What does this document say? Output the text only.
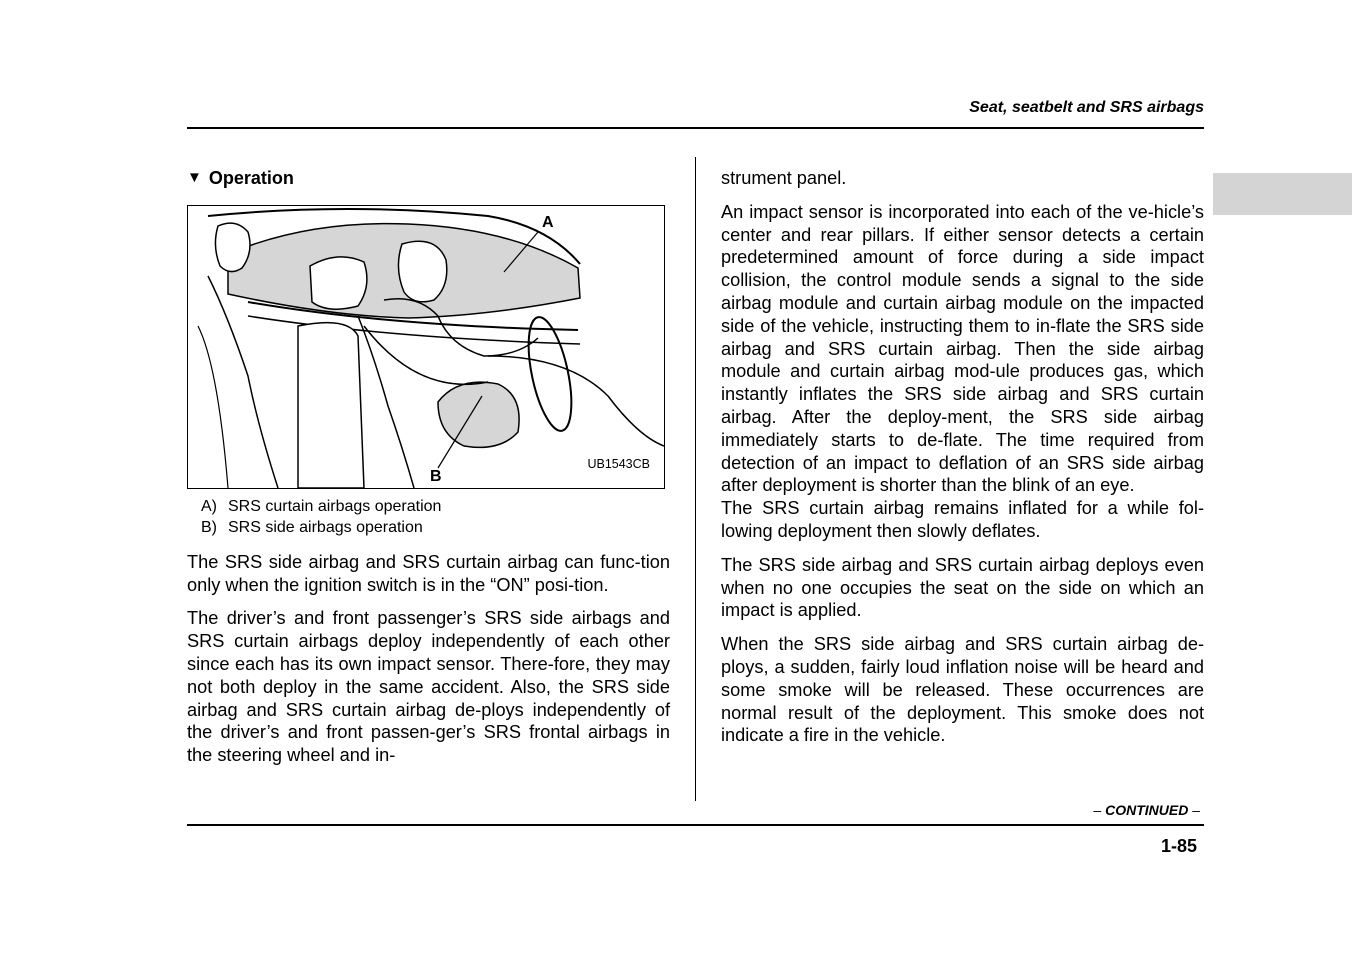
Seat, seatbelt and SRS airbags
▼ Operation
A
B
UB1543CB
A) SRS curtain airbags operation
B) SRS side airbags operation

The SRS side airbag and SRS curtain airbag can func-tion only when the ignition switch is in the “ON” posi-tion.

The driver’s and front passenger’s SRS side airbags and SRS curtain airbags deploy independently of each other since each has its own impact sensor. There-fore, they may not both deploy in the same accident. Also, the SRS side airbag and SRS curtain airbag de-ploys independently of the driver’s and front passen-ger’s SRS frontal airbags in the steering wheel and in-

strument panel.

An impact sensor is incorporated into each of the ve-hicle’s center and rear pillars. If either sensor detects a certain predetermined amount of force during a side impact collision, the control module sends a signal to the side airbag module and curtain airbag module on the impacted side of the vehicle, instructing them to in-flate the SRS side airbag and SRS curtain airbag. Then the side airbag module and curtain airbag mod-ule produces gas, which instantly inflates the SRS side airbag and SRS curtain airbag. After the deploy-ment, the SRS side airbag immediately starts to de-flate. The time required from detection of an impact to deflation of an SRS side airbag after deployment is shorter than the blink of an eye.

The SRS curtain airbag remains inflated for a while fol-lowing deployment then slowly deflates.

The SRS side airbag and SRS curtain airbag deploys even when no one occupies the seat on the side on which an impact is applied.

When the SRS side airbag and SRS curtain airbag de-ploys, a sudden, fairly loud inflation noise will be heard and some smoke will be released. These occurrences are normal result of the deployment. This smoke does not indicate a fire in the vehicle.

– CONTINUED –
1-85
